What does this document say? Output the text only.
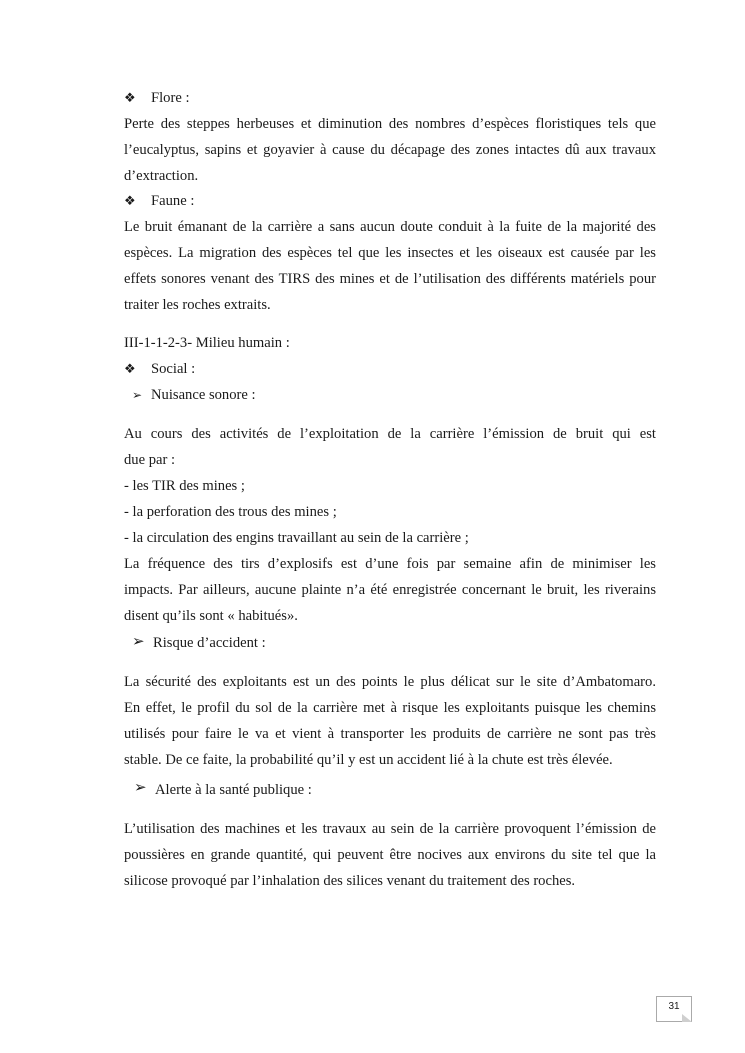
❖ Flore :
Perte des steppes herbeuses et diminution des nombres d’espèces floristiques tels que
l’eucalyptus, sapins et goyavier à cause du décapage des zones intactes dû aux travaux
d’extraction.
❖ Faune :
Le bruit émanant de la carrière a sans aucun doute conduit à la fuite de la majorité des
espèces. La migration des espèces tel que les insectes et les oiseaux est causée par les
effets sonores venant des TIRS des mines et de l’utilisation des différents matériels pour
traiter les roches extraits.
III-1-1-2-3- Milieu humain :
❖ Social :
➢ Nuisance sonore :
Au cours des activités de l’exploitation de la carrière l’émission de bruit qui est
due par :
- les TIR des mines ;
- la perforation des trous des mines ;
- la circulation des engins travaillant au sein de la carrière ;
La fréquence des tirs d’explosifs est d’une fois par semaine afin de minimiser les
impacts. Par ailleurs, aucune plainte n’a été enregistrée concernant le bruit, les riverains
disent qu’ils sont « habitués».
➢ Risque d’accident :
La sécurité des exploitants est un des points le plus délicat sur le site d’Ambatomaro.
En effet, le profil du sol de la carrière met à risque les exploitants puisque les chemins
utilisés pour faire le va et vient à transporter les produits de carrière ne sont pas très
stable. De ce faite, la probabilité qu’il y est un accident lié à la chute est très élevée.
➢ Alerte à la santé publique :
L’utilisation des machines et les travaux au sein de la carrière provoquent l’émission de
poussières en grande quantité, qui peuvent être nocives aux environs du site tel que la
silicose provoqué par l’inhalation des silices venant du traitement des roches.
31
